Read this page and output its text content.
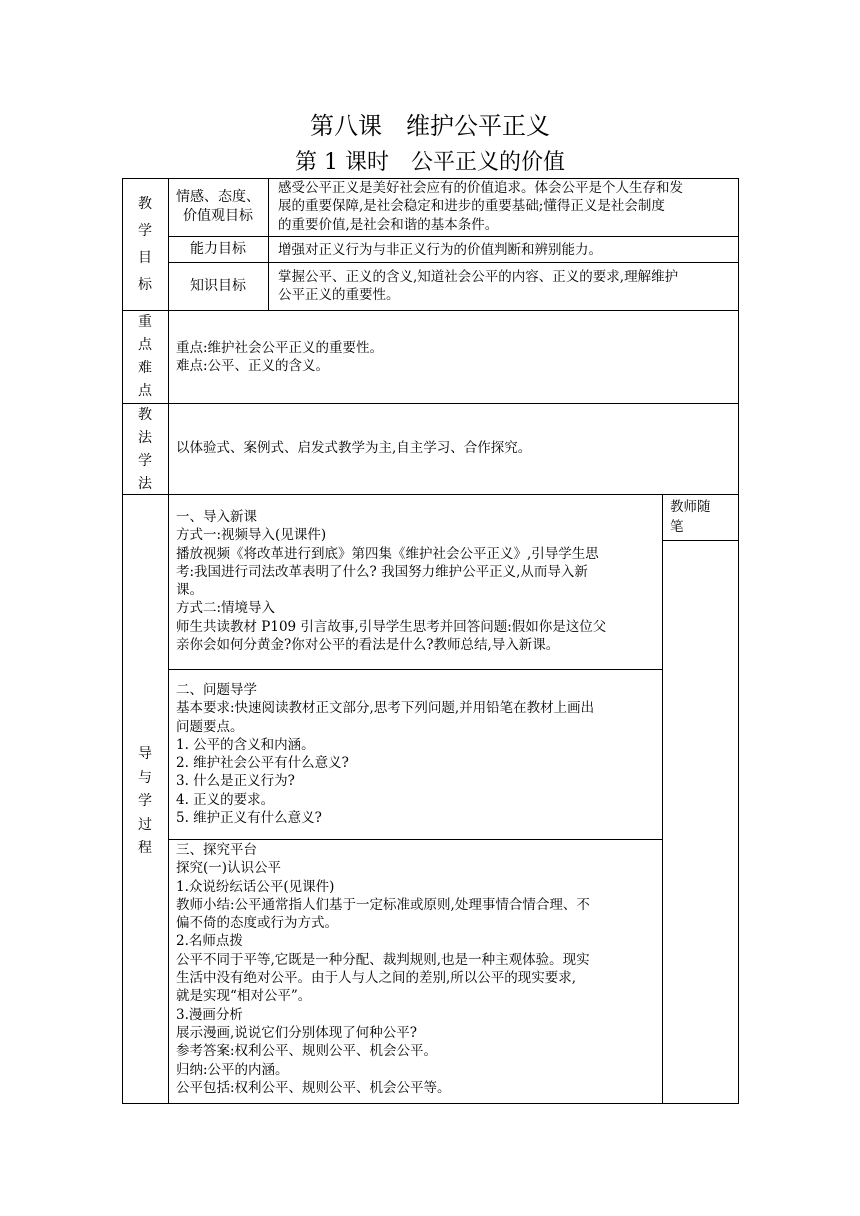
第八课　维护公平正义
第 1 课时　公平正义的价值
教
学
目
标
情感、态度、
价值观目标
感受公平正义是美好社会应有的价值追求。体会公平是个人生存和发
展的重要保障,是社会稳定和进步的重要基础;懂得正义是社会制度
的重要价值,是社会和谐的基本条件。
能力目标	增强对正义行为与非正义行为的价值判断和辨别能力。
知识目标
掌握公平、正义的含义,知道社会公平的内容、正义的要求,理解维护
公平正义的重要性。
重
点
难
点
重点:维护社会公平正义的重要性。
难点:公平、正义的含义。
教
法
学
法
以体验式、案例式、启发式教学为主,自主学习、合作探究。
导
与
学
过
程
教师随
笔
一、导入新课
方式一:视频导入(见课件)
播放视频《将改革进行到底》第四集《维护社会公平正义》,引导学生思
考:我国进行司法改革表明了什么? 我国努力维护公平正义,从而导入新
课。
方式二:情境导入
师生共读教材 P109 引言故事,引导学生思考并回答问题:假如你是这位父
亲你会如何分黄金?你对公平的看法是什么?教师总结,导入新课。
二、问题导学
基本要求:快速阅读教材正文部分,思考下列问题,并用铅笔在教材上画出
问题要点。
1. 公平的含义和内涵。
2. 维护社会公平有什么意义?
3. 什么是正义行为?
4. 正义的要求。
5. 维护正义有什么意义?
三、探究平台
探究(一)认识公平
1.众说纷纭话公平(见课件)
教师小结:公平通常指人们基于一定标准或原则,处理事情合情合理、不
偏不倚的态度或行为方式。
2.名师点拨
公平不同于平等,它既是一种分配、裁判规则,也是一种主观体验。现实
生活中没有绝对公平。由于人与人之间的差别,所以公平的现实要求,
就是实现“相对公平”。
3.漫画分析
展示漫画,说说它们分别体现了何种公平?
参考答案:权利公平、规则公平、机会公平。
归纳:公平的内涵。
公平包括:权利公平、规则公平、机会公平等。
